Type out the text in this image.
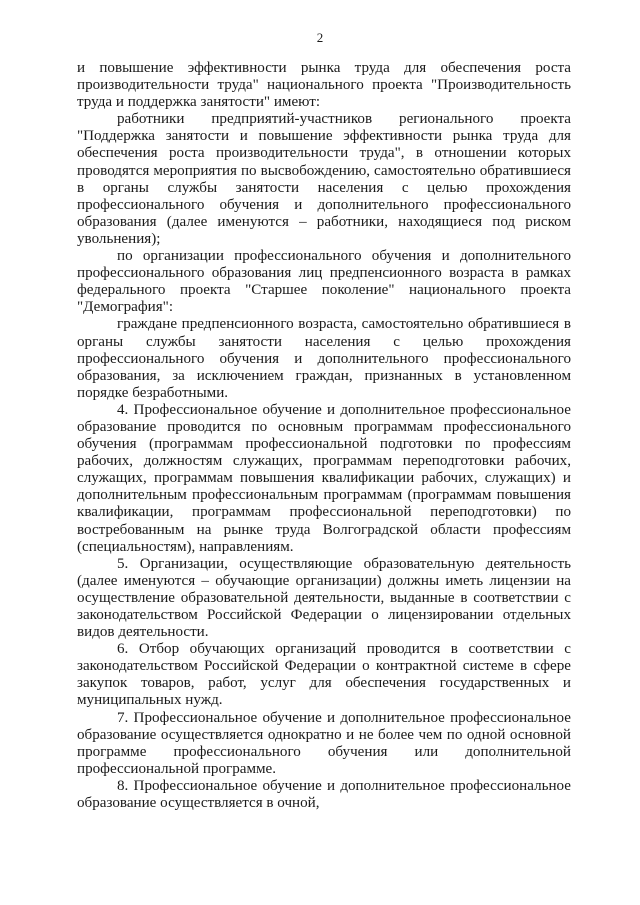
2

и повышение эффективности рынка труда для обеспечения роста производительности труда" национального проекта "Производительность труда и поддержка занятости" имеют:

работники предприятий-участников регионального проекта "Поддержка занятости и повышение эффективности рынка труда для обеспечения роста производительности труда", в отношении которых проводятся мероприятия по высвобождению, самостоятельно обратившиеся в органы службы занятости населения с целью прохождения профессионального обучения и дополнительного профессионального образования (далее именуются – работники, находящиеся под риском увольнения);

по организации профессионального обучения и дополнительного профессионального образования лиц предпенсионного возраста в рамках федерального проекта "Старшее поколение" национального проекта "Демография":

граждане предпенсионного возраста, самостоятельно обратившиеся в органы службы занятости населения с целью прохождения профессионального обучения и дополнительного профессионального образования, за исключением граждан, признанных в установленном порядке безработными.

4. Профессиональное обучение и дополнительное профессиональное образование проводится по основным программам профессионального обучения (программам профессиональной подготовки по профессиям рабочих, должностям служащих, программам переподготовки рабочих, служащих, программам повышения квалификации рабочих, служащих) и дополнительным профессиональным программам (программам повышения квалификации, программам профессиональной переподготовки) по востребованным на рынке труда Волгоградской области профессиям (специальностям), направлениям.

5. Организации, осуществляющие образовательную деятельность (далее именуются – обучающие организации) должны иметь лицензии на осуществление образовательной деятельности, выданные в соответствии с законодательством Российской Федерации о лицензировании отдельных видов деятельности.

6. Отбор обучающих организаций проводится в соответствии с законодательством Российской Федерации о контрактной системе в сфере закупок товаров, работ, услуг для обеспечения государственных и муниципальных нужд.

7. Профессиональное обучение и дополнительное профессиональное образование осуществляется однократно и не более чем по одной основной программе профессионального обучения или дополнительной профессиональной программе.

8. Профессиональное обучение и дополнительное профессиональное образование осуществляется в очной,
